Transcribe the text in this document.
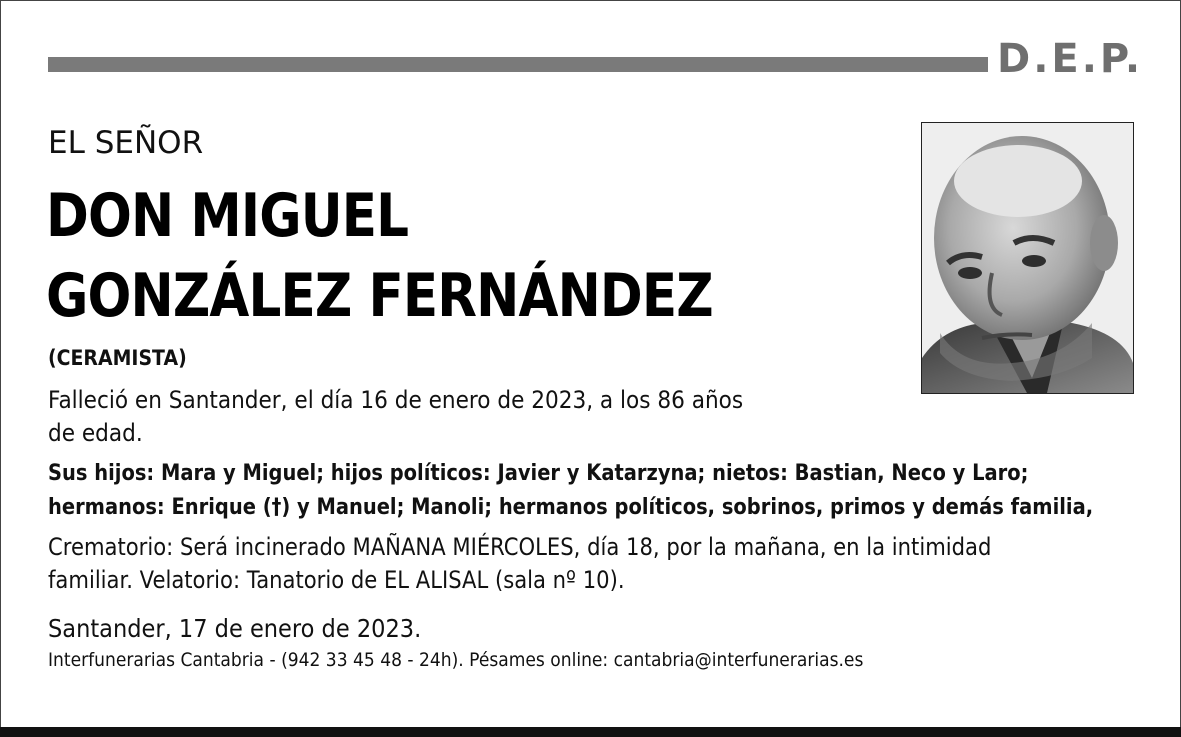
D.E.P.
EL SEÑOR
DON MIGUEL
GONZÁLEZ FERNÁNDEZ
(CERAMISTA)
Falleció en Santander, el día 16 de enero de 2023, a los 86 años de edad.
Sus hijos: Mara y Miguel; hijos políticos: Javier y Katarzyna; nietos: Bastian, Neco y Laro; hermanos: Enrique (†) y Manuel; Manoli; hermanos políticos, sobrinos, primos y demás familia,
Crematorio: Será incinerado MAÑANA MIÉRCOLES, día 18, por la mañana, en la intimidad familiar. Velatorio: Tanatorio de EL ALISAL (sala nº 10).
Santander, 17 de enero de 2023.
Interfunerarias Cantabria - (942 33 45 48 - 24h). Pésames online: cantabria@interfunerarias.es
